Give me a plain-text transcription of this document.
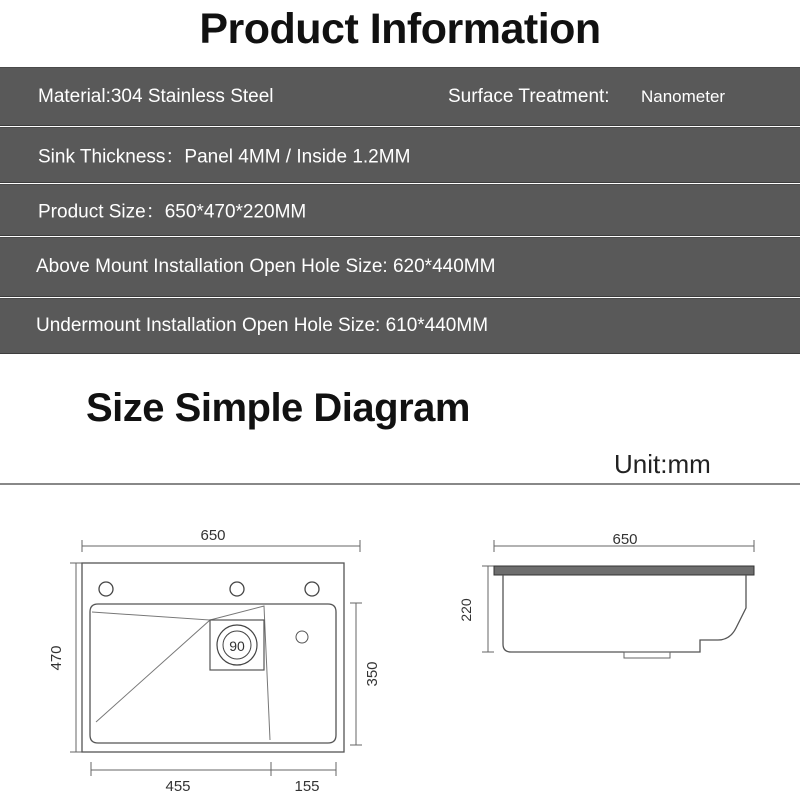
Product Information
Material:304 Stainless Steel	Surface Treatment: Nanometer
Sink Thickness：Panel 4MM / Inside 1.2MM
Product Size：650*470*220MM
Above Mount Installation Open Hole Size: 620*440MM
Undermount Installation Open Hole Size: 610*440MM
Size Simple Diagram
Unit:mm
650
470
350
455	155
90
650
220
